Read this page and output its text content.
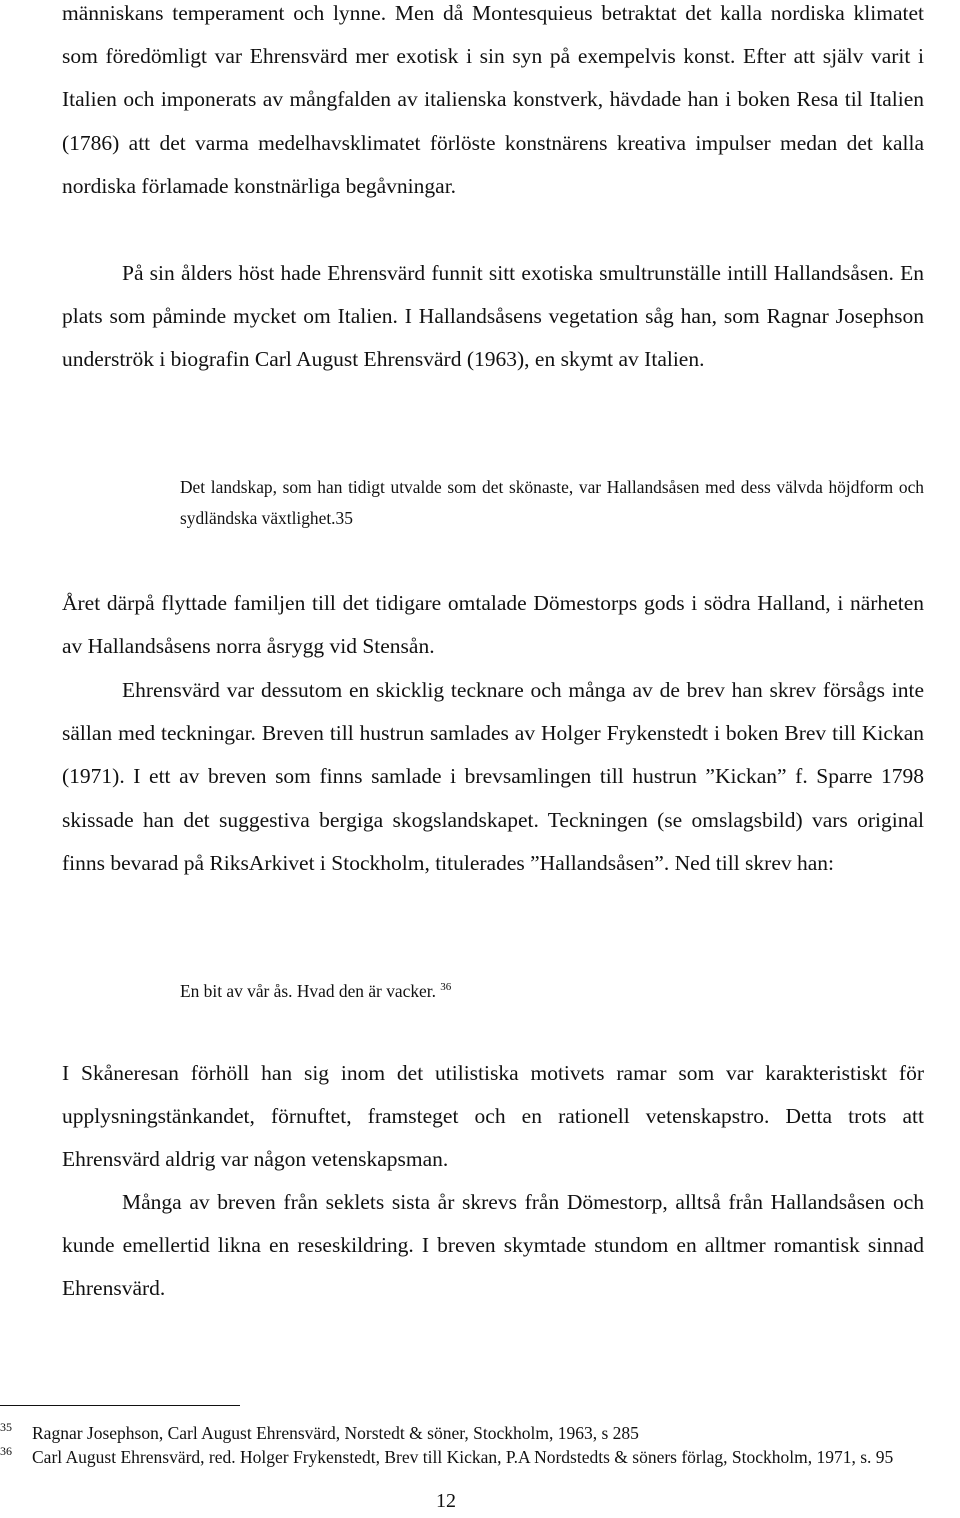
människans temperament och lynne. Men då Montesquieus betraktat det kalla nordiska klimatet som föredömligt var Ehrensvärd mer exotisk i sin syn på exempelvis konst. Efter att själv varit i Italien och imponerats av mångfalden av italienska konstverk, hävdade han i boken Resa til Italien (1786) att det varma medelhavsklimatet förlöste konstnärens kreativa impulser medan det kalla nordiska förlamade konstnärliga begåvningar.

På sin ålders höst hade Ehrensvärd funnit sitt exotiska smultrunställe intill Hallandsåsen. En plats som påminde mycket om Italien. I Hallandsåsens vegetation såg han, som Ragnar Josephson underströk i biografin Carl August Ehrensvärd (1963), en skymt av Italien.

Det landskap, som han tidigt utvalde som det skönaste, var Hallandsåsen med dess välvda höjdform och sydländska växtlighet.35

Året därpå flyttade familjen till det tidigare omtalade Dömestorps gods i södra Halland, i närheten av Hallandsåsens norra åsrygg vid Stensån.

Ehrensvärd var dessutom en skicklig tecknare och många av de brev han skrev försågs inte sällan med teckningar. Breven till hustrun samlades av Holger Frykenstedt i boken Brev till Kickan (1971). I ett av breven som finns samlade i brevsamlingen till hustrun ”Kickan” f. Sparre 1798 skissade han det suggestiva bergiga skogslandskapet. Teckningen (se omslagsbild) vars original finns bevarad på RiksArkivet i Stockholm, titulerades ”Hallandsåsen”. Ned till skrev han:

En bit av vår ås. Hvad den är vacker. $^{36}$

I Skåneresan förhöll han sig inom det utilistiska motivets ramar som var karakteristiskt för upplysningstänkandet, förnuftet, framsteget och en rationell vetenskapstro. Detta trots att Ehrensvärd aldrig var någon vetenskapsman.

Många av breven från seklets sista år skrevs från Dömestorp, alltså från Hallandsåsen och kunde emellertid likna en reseskildring. I breven skymtade stundom en alltmer romantisk sinnad Ehrensvärd.

35 Ragnar Josephson, Carl August Ehrensvärd, Norstedt & söner, Stockholm, 1963, s 285
36 Carl August Ehrensvärd, red. Holger Frykenstedt, Brev till Kickan, P.A Nordstedts & söners förlag, Stockholm, 1971, s. 95
12
